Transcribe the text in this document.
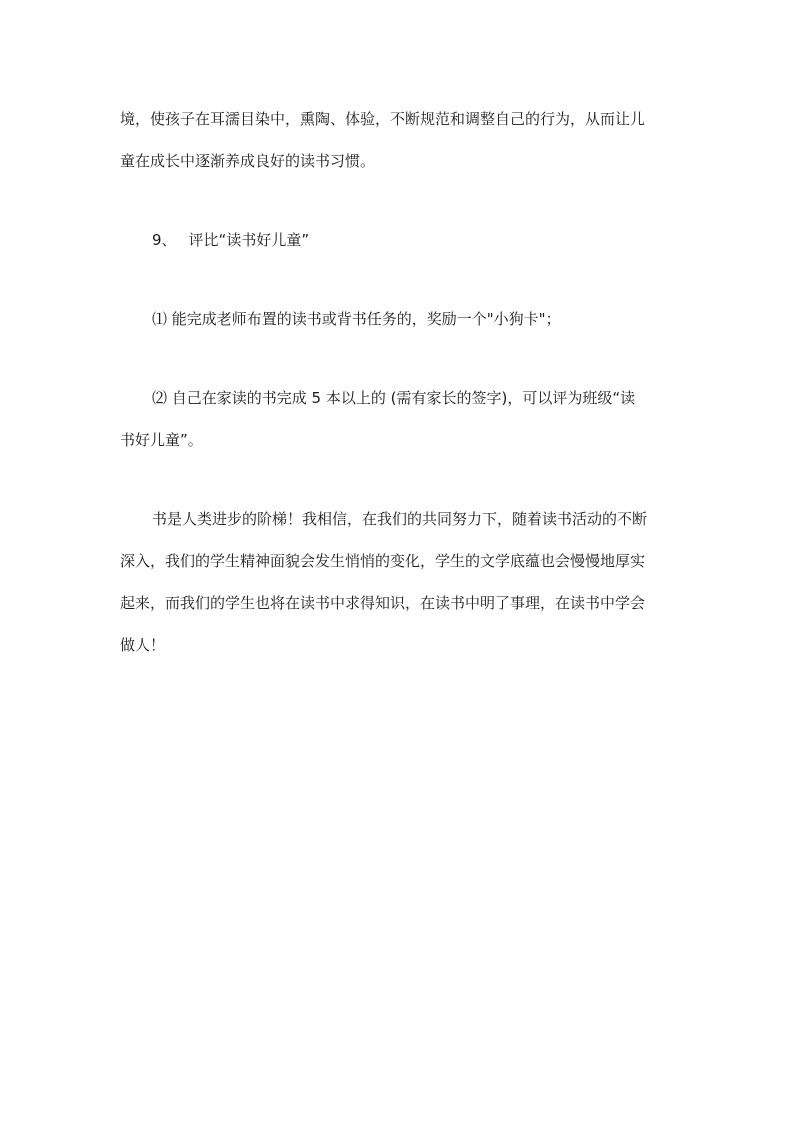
境，使孩子在耳濡目染中，熏陶、体验，不断规范和调整自己的行为，从而让儿
童在成长中逐渐养成良好的读书习惯。
9、 评比“读书好儿童”
⑴ 能完成老师布置的读书或背书任务的，奖励一个"小狗卡"；
⑵ 自己在家读的书完成 5 本以上的 (需有家长的签字)，可以评为班级“读
书好儿童”。
书是人类进步的阶梯！我相信，在我们的共同努力下，随着读书活动的不断
深入，我们的学生精神面貌会发生悄悄的变化，学生的文学底蕴也会慢慢地厚实
起来，而我们的学生也将在读书中求得知识，在读书中明了事理，在读书中学会
做人！
